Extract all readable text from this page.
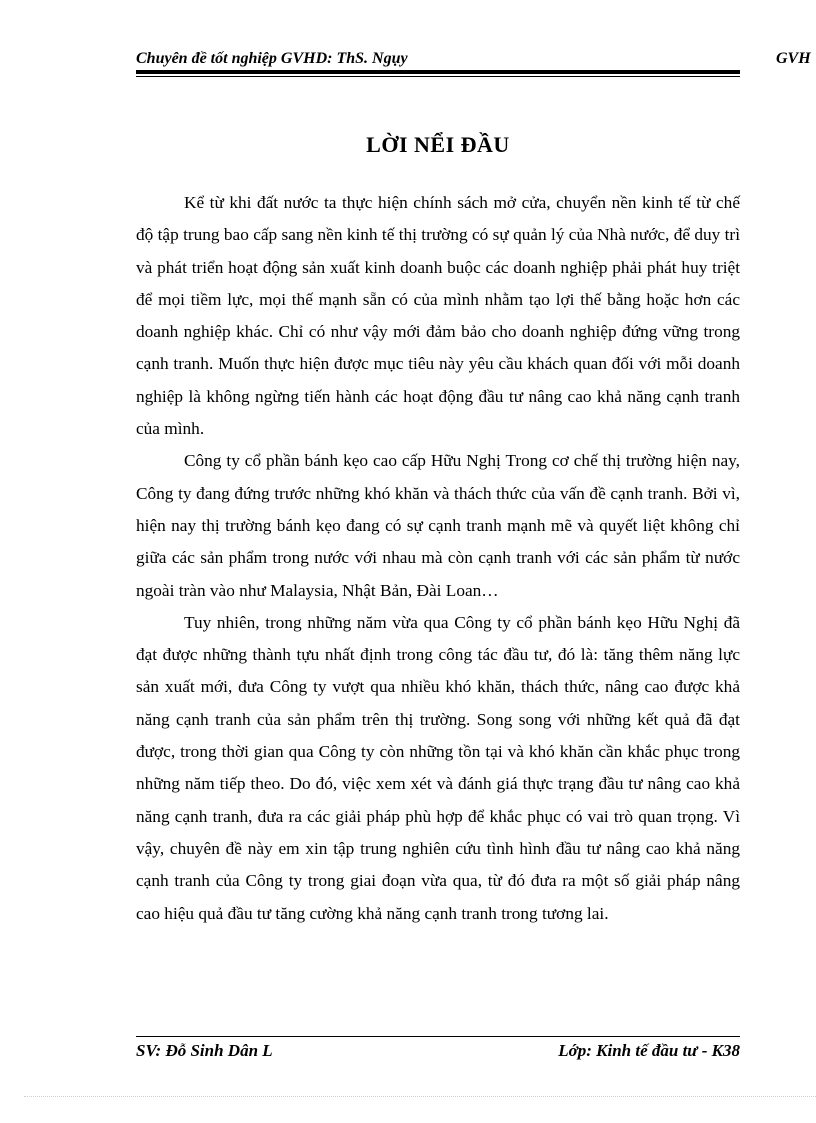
Chuyên đề tốt nghiệp GVHD: ThS. Ngụy	GVH
LỜI NỂI ĐẦU

Kể từ khi đất nước ta thực hiện chính sách mở cửa, chuyển nền kinh tế từ chế độ tập trung bao cấp sang nền kinh tế thị trường có sự quản lý của Nhà nước, để duy trì và phát triển hoạt động sản xuất kinh doanh buộc các doanh nghiệp phải phát huy triệt để mọi tiềm lực, mọi thế mạnh sẵn có của mình nhằm tạo lợi thế bằng hoặc hơn các doanh nghiệp khác. Chỉ có như vậy mới đảm bảo cho doanh nghiệp đứng vững trong cạnh tranh. Muốn thực hiện được mục tiêu này yêu cầu khách quan đối với mỗi doanh nghiệp là không ngừng tiến hành các hoạt động đầu tư nâng cao khả năng cạnh tranh của mình.

Công ty cổ phần bánh kẹo cao cấp Hữu Nghị Trong cơ chế thị trường hiện nay, Công ty đang đứng trước những khó khăn và thách thức của vấn đề cạnh tranh. Bởi vì, hiện nay thị trường bánh kẹo đang có sự cạnh tranh mạnh mẽ và quyết liệt không chỉ giữa các sản phẩm trong nước với nhau mà còn cạnh tranh với các sản phẩm từ nước ngoài tràn vào như Malaysia, Nhật Bản, Đài Loan…

Tuy nhiên, trong những năm vừa qua Công ty cổ phần bánh kẹo Hữu Nghị đã đạt được những thành tựu nhất định trong công tác đầu tư, đó là: tăng thêm năng lực sản xuất mới, đưa Công ty vượt qua nhiều khó khăn, thách thức, nâng cao được khả năng cạnh tranh của sản phẩm trên thị trường. Song song với những kết quả đã đạt được, trong thời gian qua Công ty còn những tồn tại và khó khăn cần khắc phục trong những năm tiếp theo. Do đó, việc xem xét và đánh giá thực trạng đầu tư nâng cao khả năng cạnh tranh, đưa ra các giải pháp phù hợp để khắc phục có vai trò quan trọng. Vì vậy, chuyên đề này em xin tập trung nghiên cứu tình hình đầu tư nâng cao khả năng cạnh tranh của Công ty trong giai đoạn vừa qua, từ đó đưa ra một số giải pháp nâng cao hiệu quả đầu tư tăng cường khả năng cạnh tranh trong tương lai.

SV: Đỗ Sinh Dân L	Lớp: Kinh tế đầu tư - K38
